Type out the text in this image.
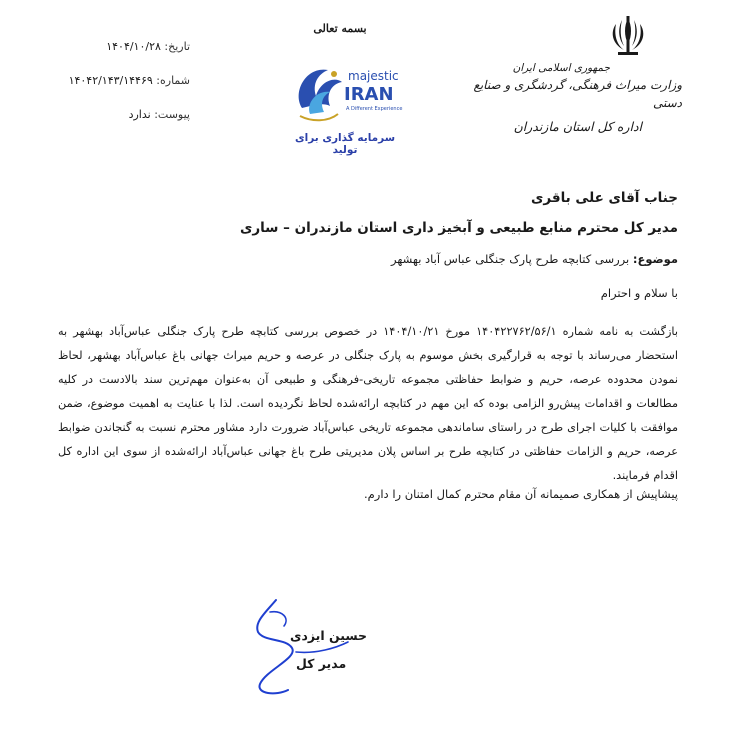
جمهوری اسلامی ایران
وزارت میراث فرهنگی، گردشگری و صنایع دستی
اداره کل استان مازندران
بسمه تعالی
majestic
IRAN
A Different Experience
سرمایه گذاری برای تولید
تاریخ: ۱۴۰۴/۱۰/۲۸
شماره: ۱۴۰۴۲/۱۴۳/۱۴۴۶۹
پیوست: ندارد
جناب آقای علی باقری
مدیر کل محترم منابع طبیعی و آبخیز داری استان مازندران – ساری
موضوع: بررسی کتابچه طرح پارک جنگلی عباس آباد بهشهر
با سلام و احترام
بازگشت به نامه شماره ۱۴۰۴۲۲۷۶۲/۵۶/۱ مورخ ۱۴۰۴/۱۰/۲۱ در خصوص بررسی کتابچه طرح پارک جنگلی عباس‌آباد بهشهر به استحضار می‌رساند با توجه به قرارگیری بخش موسوم به پارک جنگلی در عرصه و حریم میراث جهانی باغ عباس‌آباد بهشهر، لحاظ نمودن محدوده عرصه، حریم و ضوابط حفاظتی مجموعه تاریخی-فرهنگی و طبیعی آن به‌عنوان مهم‌ترین سند بالادست در کلیه مطالعات و اقدامات پیش‌رو الزامی بوده که این مهم در کتابچه ارائه‌شده لحاظ نگردیده است. لذا با عنایت به اهمیت موضوع، ضمن موافقت با کلیات اجرای طرح در راستای ساماندهی مجموعه تاریخی عباس‌آباد ضرورت دارد مشاور محترم نسبت به گنجاندن ضوابط عرصه، حریم و الزامات حفاظتی در کتابچه طرح بر اساس پلان مدیریتی طرح باغ جهانی عباس‌آباد ارائه‌شده از سوی این اداره کل اقدام فرمایند.
پیشاپیش از همکاری صمیمانه آن مقام محترم کمال امتنان را دارم.
حسین ایزدی
مدیر کل
